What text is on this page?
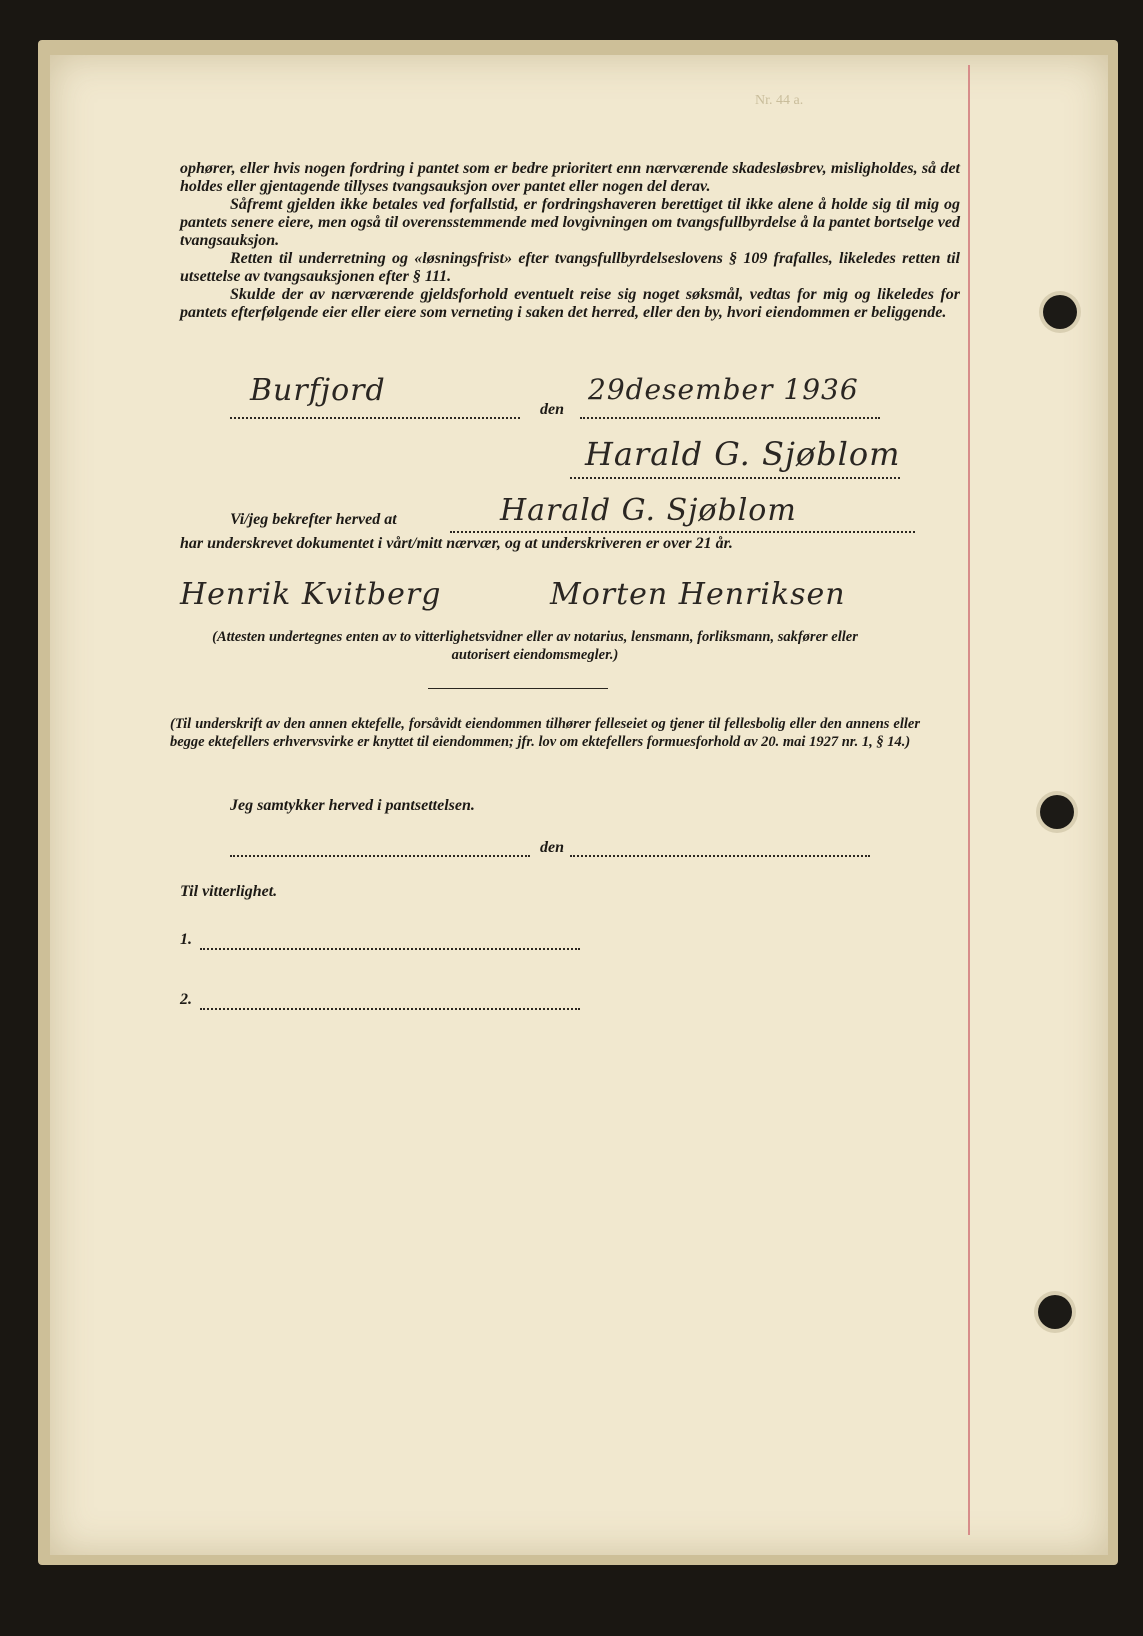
Nr. 44 a.

ophører, eller hvis nogen fordring i pantet som er bedre prioritert enn nærværende skadesløsbrev, misligholdes, så det holdes eller gjentagende tillyses tvangsauksjon over pantet eller nogen del derav.

Såfremt gjelden ikke betales ved forfallstid, er fordringshaveren berettiget til ikke alene å holde sig til mig og pantets senere eiere, men også til overensstemmende med lovgivningen om tvangsfullbyrdelse å la pantet bortselge ved tvangsauksjon.

Retten til underretning og «løsningsfrist» efter tvangsfullbyrdelseslovens § 109 frafalles, likeledes retten til utsettelse av tvangsauksjonen efter § 111.

Skulde der av nærværende gjeldsforhold eventuelt reise sig noget søksmål, vedtas for mig og likeledes for pantets efterfølgende eier eller eiere som verneting i saken det herred, eller den by, hvori eiendommen er beliggende.

Burfjord
den
29desember 1936
Harald G. Sjøblom
Vi/jeg bekrefter herved at	Harald G. Sjøblom
har underskrevet dokumentet i vårt/mitt nærvær, og at underskriveren er over 21 år.
Henrik Kvitberg	Morten Henriksen
(Attesten undertegnes enten av to vitterlighetsvidner eller av notarius, lensmann, forliksmann, sakfører eller autorisert eiendomsmegler.)
(Til underskrift av den annen ektefelle, forsåvidt eiendommen tilhører felleseiet og tjener til fellesbolig eller den annens eller begge ektefellers erhvervsvirke er knyttet til eiendommen; jfr. lov om ektefellers formuesforhold av 20. mai 1927 nr. 1, § 14.)
Jeg samtykker herved i pantsettelsen.
den
Til vitterlighet.
1.
2.
